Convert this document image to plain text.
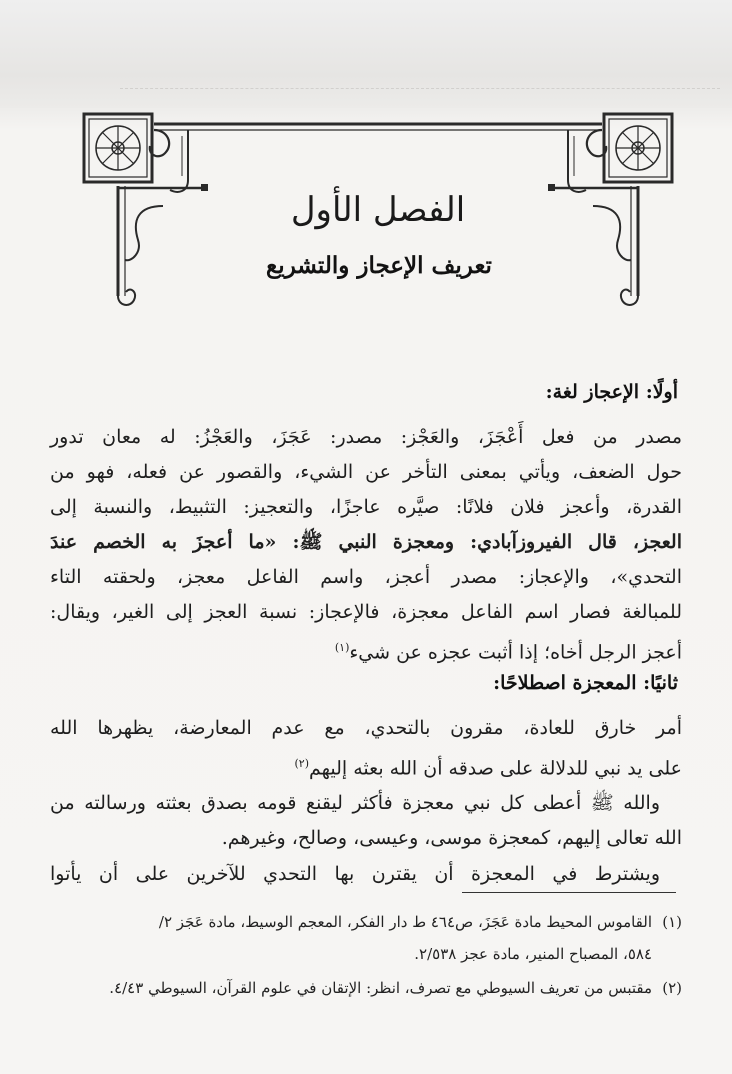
الفصل الأول
تعريف الإعجاز والتشريع
أولًا: الإعجاز لغة:
مصدر من فعل أَعْجَزَ، والعَجْز: مصدر: عَجَزَ، والعَجْزُ: له معان تدور
حول الضعف، ويأتي بمعنى التأخر عن الشيء، والقصور عن فعله، فهو من
القدرة، وأعجز فلان فلانًا: صيَّره عاجزًا، والتعجيز: التثبيط، والنسبة إلى
العجز، قال الفيروزآبادي: ومعجزة النبي ﷺ: «ما أعجزَ به الخصم عندَ
التحدي»، والإعجاز: مصدر أعجز، واسم الفاعل معجز، ولحقته التاء
للمبالغة فصار اسم الفاعل معجزة، فالإعجاز: نسبة العجز إلى الغير، ويقال:
أعجز الرجل أخاه؛ إذا أثبت عجزه عن شيء$^{(١)}$
ثانيًا: المعجزة اصطلاحًا:
أمر خارق للعادة، مقرون بالتحدي، مع عدم المعارضة، يظهرها الله
على يد نبي للدلالة على صدقه أن الله بعثه إليهم$^{(٢)}$
والله ﷺ أعطى كل نبي معجزة فأكثر ليقنع قومه بصدق بعثته ورسالته من
الله تعالى إليهم، كمعجزة موسى، وعيسى، وصالح، وغيرهم.
ويشترط في المعجزة أن يقترن بها التحدي للآخرين على أن يأتوا
(١)القاموس المحيط مادة عَجَزَ، ص٤٦٤ ط دار الفكر، المعجم الوسيط، مادة عَجَز ٢/
٥٨٤، المصباح المنير، مادة عجز ٢/٥٣٨.
(٢)مقتبس من تعريف السيوطي مع تصرف، انظر: الإتقان في علوم القرآن، السيوطي ٤/٤٣.
